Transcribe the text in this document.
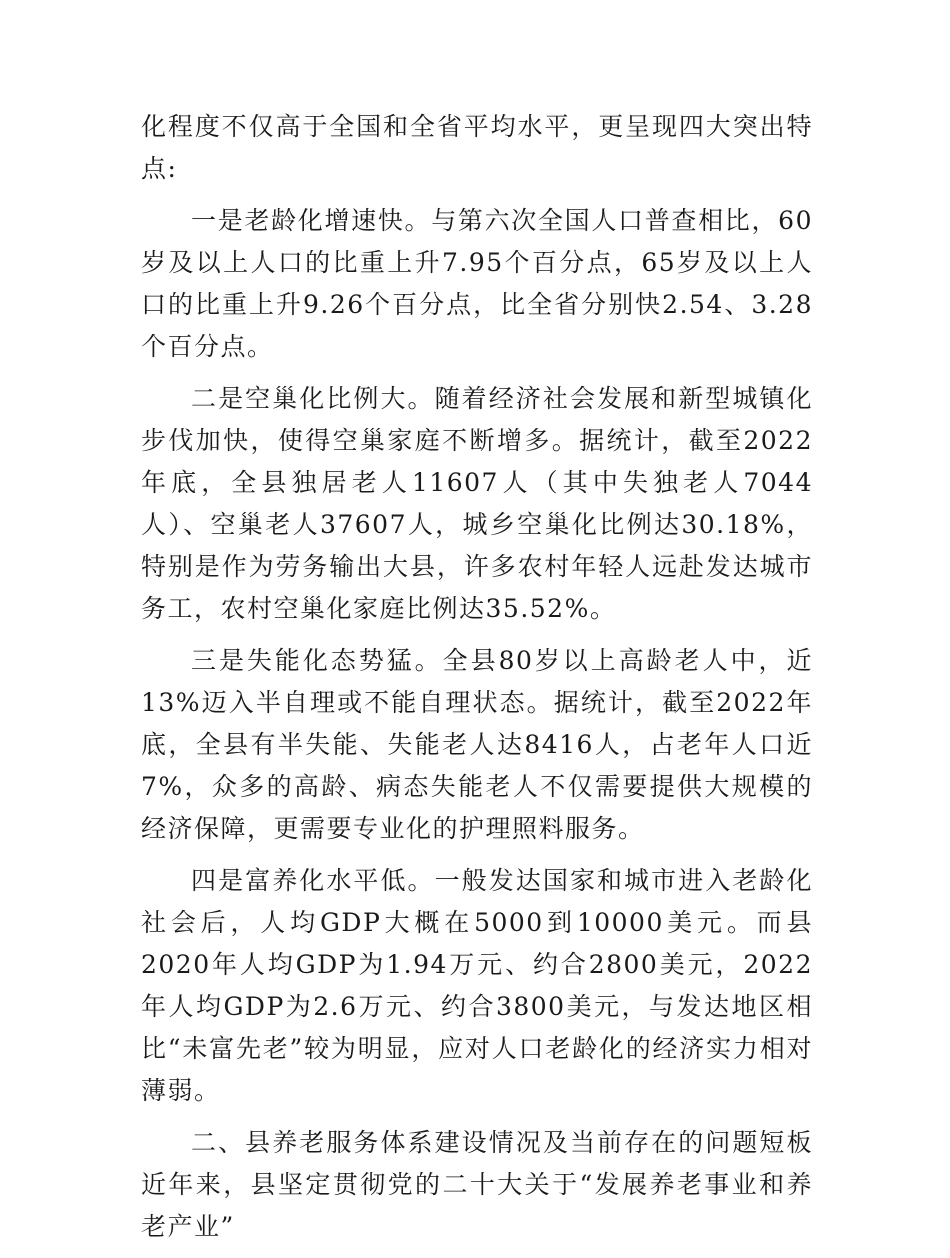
化程度不仅高于全国和全省平均水平，更呈现四大突出特点:

一是老龄化增速快。与第六次全国人口普查相比，60岁及以上人口的比重上升7.95个百分点，65岁及以上人口的比重上升9.26个百分点，比全省分别快2.54、3.28个百分点。

二是空巢化比例大。随着经济社会发展和新型城镇化步伐加快，使得空巢家庭不断增多。据统计，截至2022年底，全县独居老人11607人（其中失独老人7044人）、空巢老人37607人，城乡空巢化比例达30.18%，特别是作为劳务输出大县，许多农村年轻人远赴发达城市务工，农村空巢化家庭比例达35.52%。

三是失能化态势猛。全县80岁以上高龄老人中，近13%迈入半自理或不能自理状态。据统计，截至2022年底，全县有半失能、失能老人达8416人，占老年人口近7%，众多的高龄、病态失能老人不仅需要提供大规模的经济保障，更需要专业化的护理照料服务。

四是富养化水平低。一般发达国家和城市进入老龄化社会后，人均GDP大概在5000到10000美元。而县2020年人均GDP为1.94万元、约合2800美元，2022年人均GDP为2.6万元、约合3800美元，与发达地区相比“未富先老”较为明显，应对人口老龄化的经济实力相对薄弱。

二、县养老服务体系建设情况及当前存在的问题短板近年来，县坚定贯彻党的二十大关于“发展养老事业和养老产业”
